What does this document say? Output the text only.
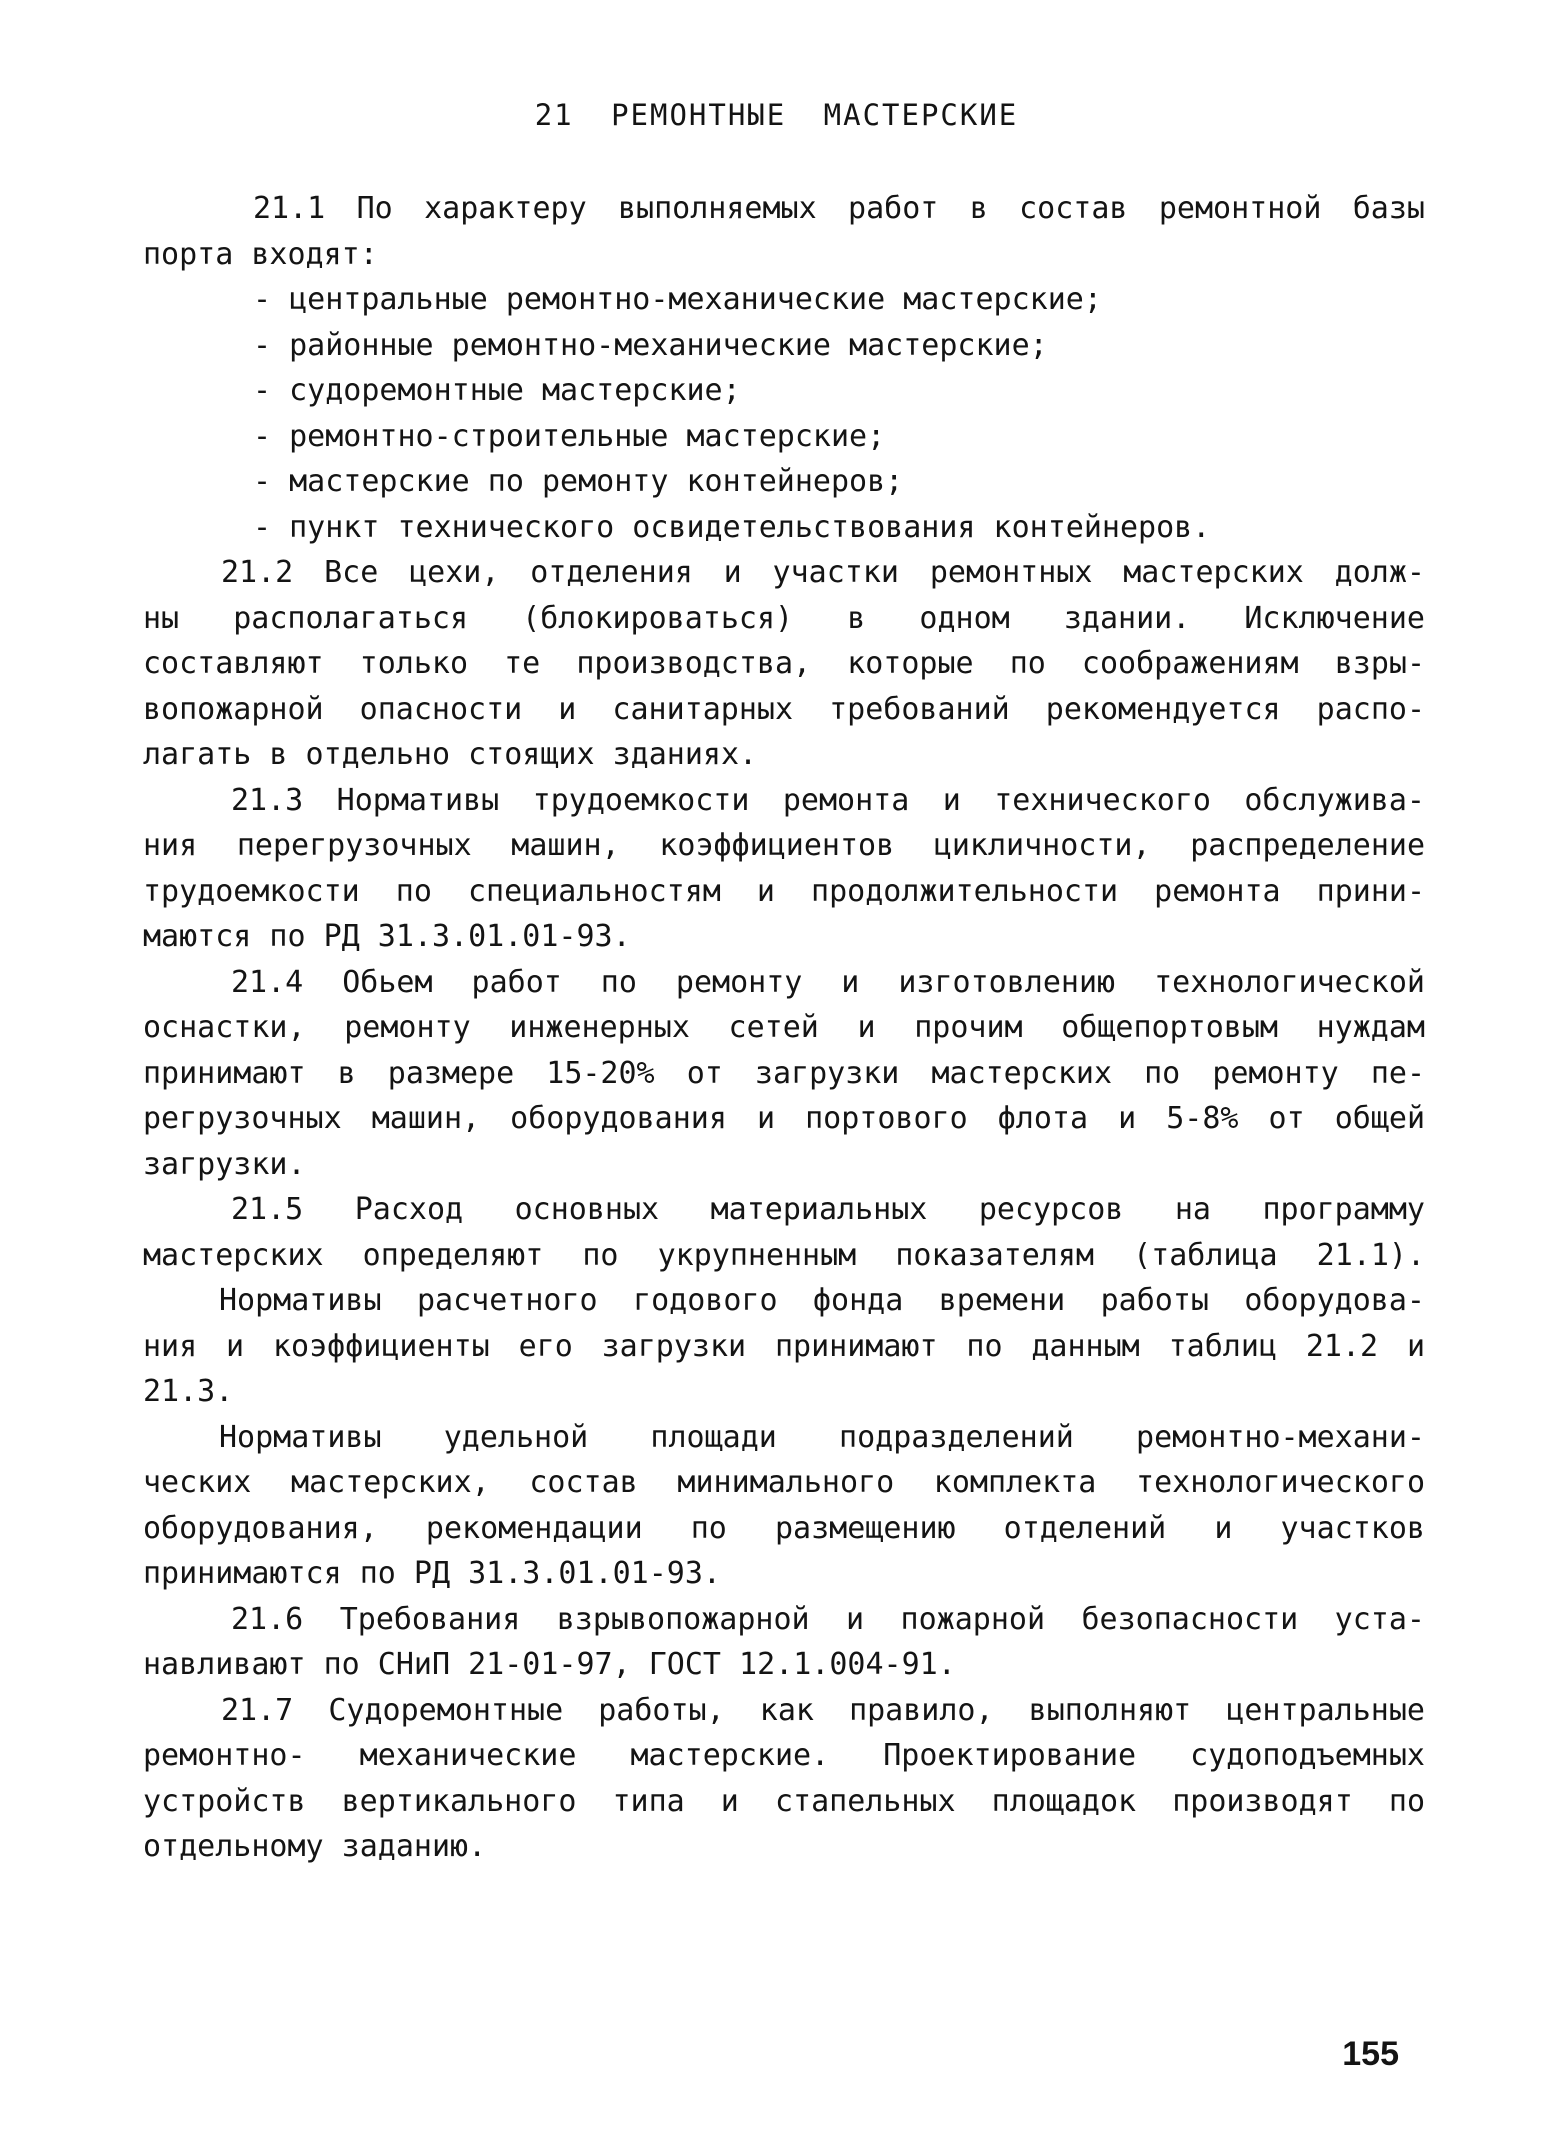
21 РЕМОНТНЫЕ МАСТЕРСКИЕ
21.1 По характеру выполняемых работ в состав ремонтной базы
порта входят:
- центральные ремонтно-механические мастерские;
- районные ремонтно-механические мастерские;
- судоремонтные мастерские;
- ремонтно-строительные мастерские;
- мастерские по ремонту контейнеров;
- пункт технического освидетельствования контейнеров.
21.2 Все цехи, отделения и участки ремонтных мастерских долж-
ны располагаться (блокироваться) в одном здании. Исключение
составляют только те производства, которые по соображениям взры-
вопожарной опасности и санитарных требований рекомендуется распо-
лагать в отдельно стоящих зданиях.
21.3 Нормативы трудоемкости ремонта и технического обслужива-
ния перегрузочных машин, коэффициентов цикличности, распределение
трудоемкости по специальностям и продолжительности ремонта прини-
маются по РД 31.3.01.01-93.
21.4 Обьем работ по ремонту и изготовлению технологической
оснастки, ремонту инженерных сетей и прочим общепортовым нуждам
принимают в размере 15-20% от загрузки мастерских по ремонту пе-
регрузочных машин, оборудования и портового флота и 5-8% от общей
загрузки.
21.5 Расход основных материальных ресурсов на программу
мастерских определяют по укрупненным показателям (таблица 21.1).
Нормативы расчетного годового фонда времени работы оборудова-
ния и коэффициенты его загрузки принимают по данным таблиц 21.2 и
21.3.
Нормативы удельной площади подразделений ремонтно-механи-
ческих мастерских, состав минимального комплекта технологического
оборудования, рекомендации по размещению отделений и участков
принимаются по РД 31.3.01.01-93.
21.6 Требования взрывопожарной и пожарной безопасности уста-
навливают по СНиП 21-01-97, ГОСТ 12.1.004-91.
21.7 Судоремонтные работы, как правило, выполняют центральные
ремонтно- механические мастерские. Проектирование судоподъемных
устройств вертикального типа и стапельных площадок производят по
отдельному заданию.
155
